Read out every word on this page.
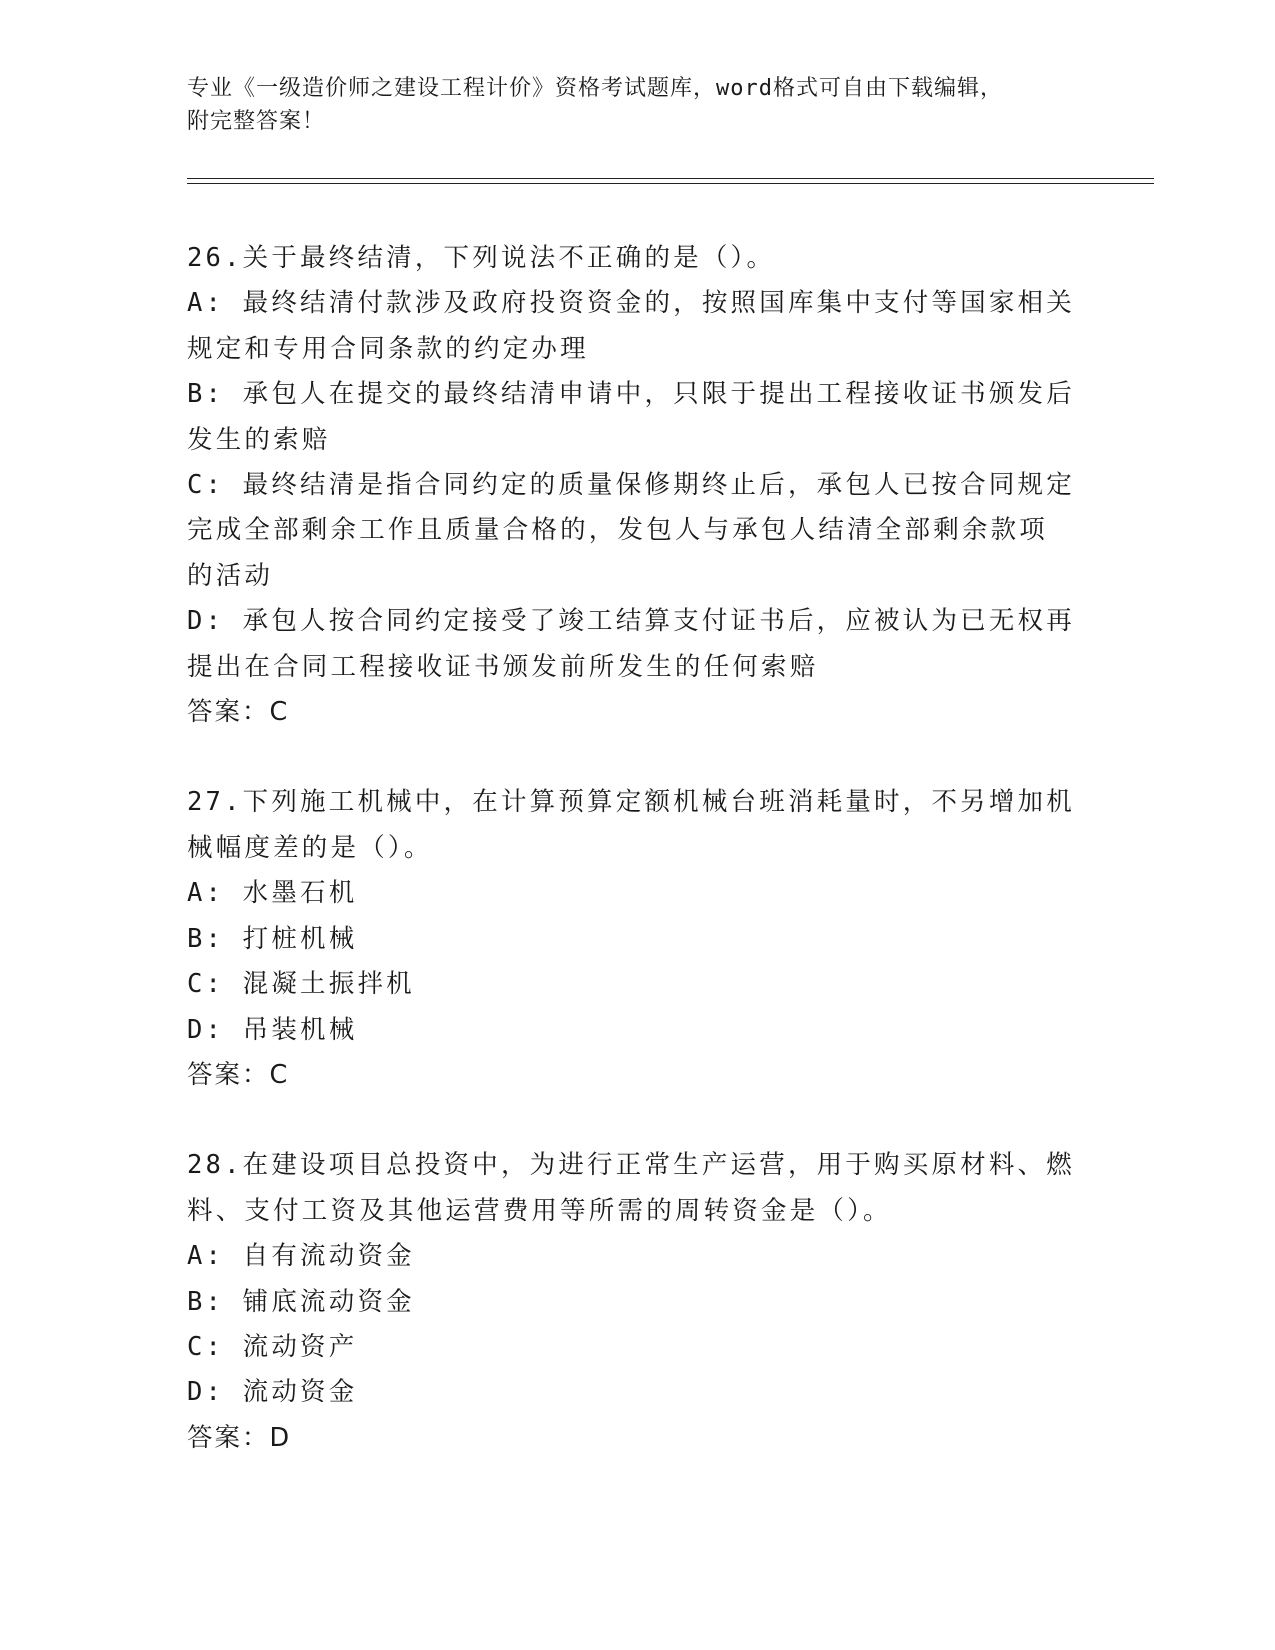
专业《一级造价师之建设工程计价》资格考试题库，word格式可自由下载编辑，
附完整答案！
26.关于最终结清，下列说法不正确的是（）。
A: 最终结清付款涉及政府投资资金的，按照国库集中支付等国家相关
规定和专用合同条款的约定办理
B: 承包人在提交的最终结清申请中，只限于提出工程接收证书颁发后
发生的索赔
C: 最终结清是指合同约定的质量保修期终止后，承包人已按合同规定
完成全部剩余工作且质量合格的，发包人与承包人结清全部剩余款项
的活动
D: 承包人按合同约定接受了竣工结算支付证书后，应被认为已无权再
提出在合同工程接收证书颁发前所发生的任何索赔
答案：C
27.下列施工机械中，在计算预算定额机械台班消耗量时，不另增加机
械幅度差的是（）。
A: 水墨石机
B: 打桩机械
C: 混凝土振拌机
D: 吊装机械
答案：C
28.在建设项目总投资中，为进行正常生产运营，用于购买原材料、燃
料、支付工资及其他运营费用等所需的周转资金是（）。
A: 自有流动资金
B: 铺底流动资金
C: 流动资产
D: 流动资金
答案：D
